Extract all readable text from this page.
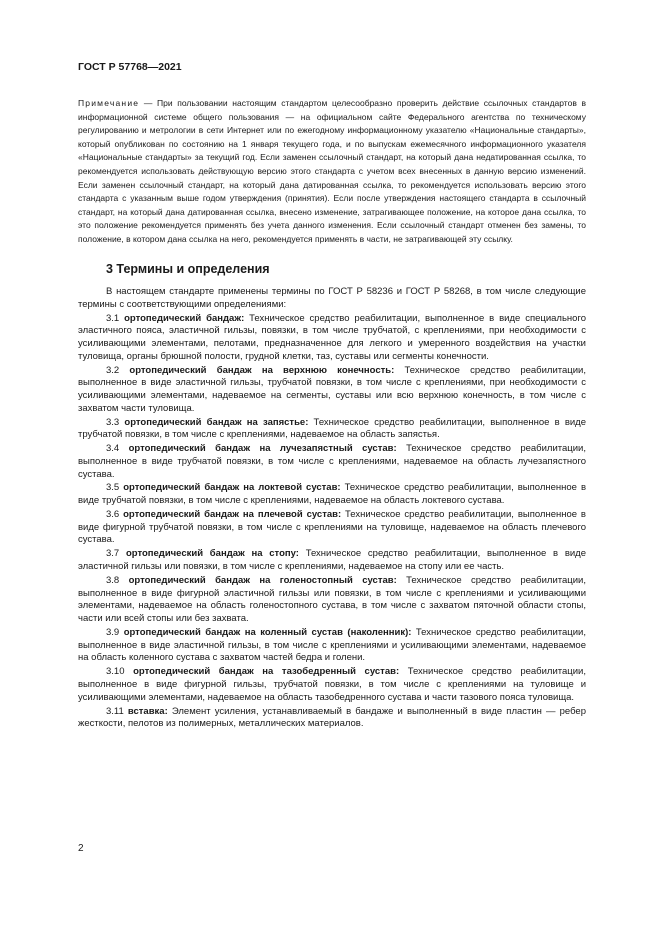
ГОСТ Р 57768—2021
Примечание — При пользовании настоящим стандартом целесообразно проверить действие ссылочных стандартов в информационной системе общего пользования — на официальном сайте Федерального агентства по техническому регулированию и метрологии в сети Интернет или по ежегодному информационному указателю «Национальные стандарты», который опубликован по состоянию на 1 января текущего года, и по выпускам ежемесячного информационного указателя «Национальные стандарты» за текущий год. Если заменен ссылочный стандарт, на который дана недатированная ссылка, то рекомендуется использовать действующую версию этого стандарта с учетом всех внесенных в данную версию изменений. Если заменен ссылочный стандарт, на который дана датированная ссылка, то рекомендуется использовать версию этого стандарта с указанным выше годом утверждения (принятия). Если после утверждения настоящего стандарта в ссылочный стандарт, на который дана датированная ссылка, внесено изменение, затрагивающее положение, на которое дана ссылка, то это положение рекомендуется применять без учета данного изменения. Если ссылочный стандарт отменен без замены, то положение, в котором дана ссылка на него, рекомендуется применять в части, не затрагивающей эту ссылку.
3 Термины и определения

В настоящем стандарте применены термины по ГОСТ Р 58236 и ГОСТ Р 58268, в том числе следующие термины с соответствующими определениями:

3.1 ортопедический бандаж: Техническое средство реабилитации, выполненное в виде специального эластичного пояса, эластичной гильзы, повязки, в том числе трубчатой, с креплениями, при необходимости с усиливающими элементами, пелотами, предназначенное для легкого и умеренного воздействия на участки туловища, органы брюшной полости, грудной клетки, таз, суставы или сегменты конечности.

3.2 ортопедический бандаж на верхнюю конечность: Техническое средство реабилитации, выполненное в виде эластичной гильзы, трубчатой повязки, в том числе с креплениями, при необходимости с усиливающими элементами, надеваемое на сегменты, суставы или всю верхнюю конечность, в том числе с захватом части туловища.

3.3 ортопедический бандаж на запястье: Техническое средство реабилитации, выполненное в виде трубчатой повязки, в том числе с креплениями, надеваемое на область запястья.

3.4 ортопедический бандаж на лучезапястный сустав: Техническое средство реабилитации, выполненное в виде трубчатой повязки, в том числе с креплениями, надеваемое на область лучезапястного сустава.

3.5 ортопедический бандаж на локтевой сустав: Техническое средство реабилитации, выполненное в виде трубчатой повязки, в том числе с креплениями, надеваемое на область локтевого сустава.

3.6 ортопедический бандаж на плечевой сустав: Техническое средство реабилитации, выполненное в виде фигурной трубчатой повязки, в том числе с креплениями на туловище, надеваемое на область плечевого сустава.

3.7 ортопедический бандаж на стопу: Техническое средство реабилитации, выполненное в виде эластичной гильзы или повязки, в том числе с креплениями, надеваемое на стопу или ее часть.

3.8 ортопедический бандаж на голеностопный сустав: Техническое средство реабилитации, выполненное в виде фигурной эластичной гильзы или повязки, в том числе с креплениями и усиливающими элементами, надеваемое на область голеностопного сустава, в том числе с захватом пяточной области стопы, части или всей стопы или без захвата.

3.9 ортопедический бандаж на коленный сустав (наколенник): Техническое средство реабилитации, выполненное в виде эластичной гильзы, в том числе с креплениями и усиливающими элементами, надеваемое на область коленного сустава с захватом частей бедра и голени.

3.10 ортопедический бандаж на тазобедренный сустав: Техническое средство реабилитации, выполненное в виде фигурной гильзы, трубчатой повязки, в том числе с креплениями на туловище и усиливающими элементами, надеваемое на область тазобедренного сустава и части тазового пояса туловища.

3.11 вставка: Элемент усиления, устанавливаемый в бандаже и выполненный в виде пластин — ребер жесткости, пелотов из полимерных, металлических материалов.

2
